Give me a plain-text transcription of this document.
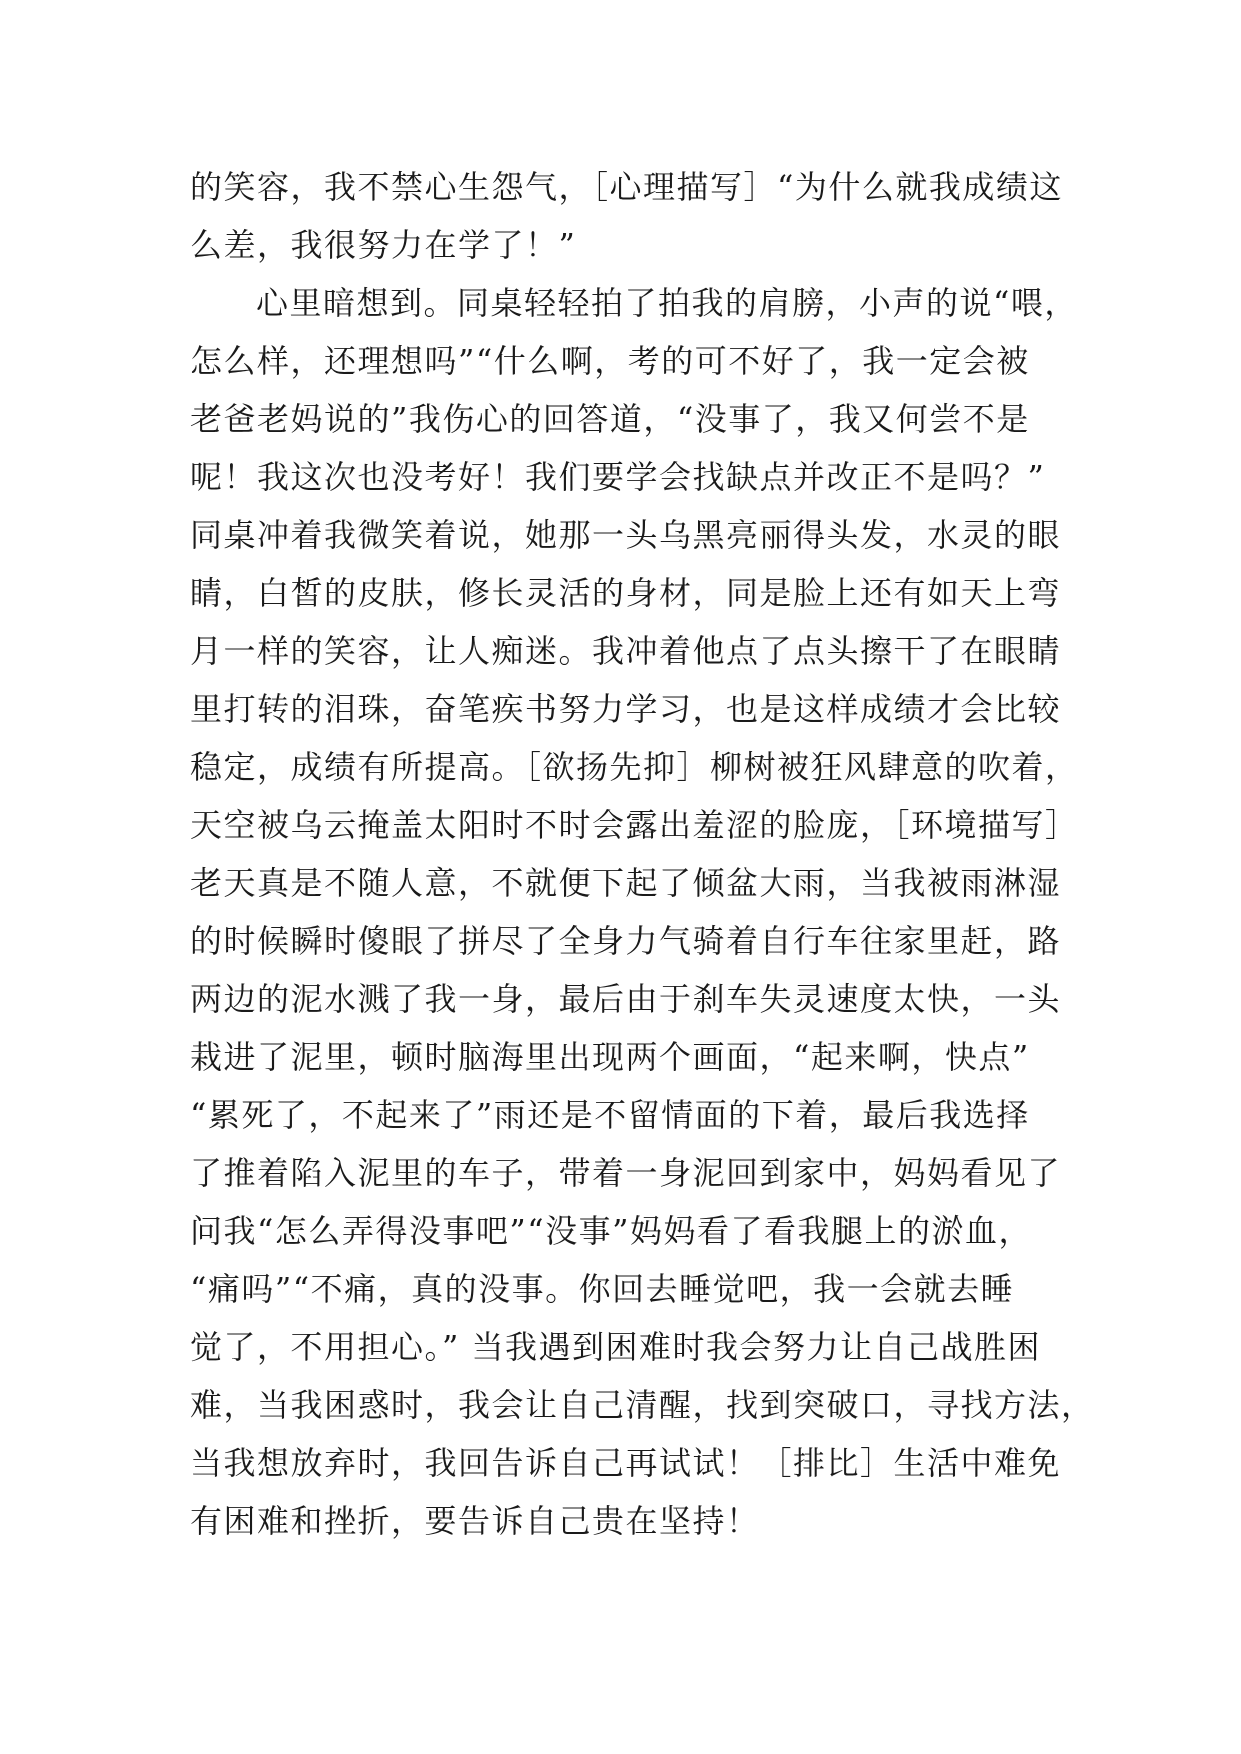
的笑容，我不禁心生怨气，［心理描写］“为什么就我成绩这
么差，我很努力在学了！”
心里暗想到。同桌轻轻拍了拍我的肩膀，小声的说“喂，
怎么样，还理想吗”“什么啊，考的可不好了，我一定会被
老爸老妈说的”我伤心的回答道，“没事了，我又何尝不是
呢！我这次也没考好！我们要学会找缺点并改正不是吗？”
同桌冲着我微笑着说，她那一头乌黑亮丽得头发，水灵的眼
睛，白皙的皮肤，修长灵活的身材，同是脸上还有如天上弯
月一样的笑容，让人痴迷。我冲着他点了点头擦干了在眼睛
里打转的泪珠，奋笔疾书努力学习，也是这样成绩才会比较
稳定，成绩有所提高。［欲扬先抑］柳树被狂风肆意的吹着，
天空被乌云掩盖太阳时不时会露出羞涩的脸庞，［环境描写］
老天真是不随人意，不就便下起了倾盆大雨，当我被雨淋湿
的时候瞬时傻眼了拼尽了全身力气骑着自行车往家里赶，路
两边的泥水溅了我一身，最后由于刹车失灵速度太快，一头
栽进了泥里，顿时脑海里出现两个画面，“起来啊，快点”
“累死了，不起来了”雨还是不留情面的下着，最后我选择
了推着陷入泥里的车子，带着一身泥回到家中，妈妈看见了
问我“怎么弄得没事吧”“没事”妈妈看了看我腿上的淤血，
“痛吗”“不痛，真的没事。你回去睡觉吧，我一会就去睡
觉了，不用担心。” 当我遇到困难时我会努力让自己战胜困
难，当我困惑时，我会让自己清醒，找到突破口，寻找方法，
当我想放弃时，我回告诉自己再试试！［排比］生活中难免
有困难和挫折，要告诉自己贵在坚持！
